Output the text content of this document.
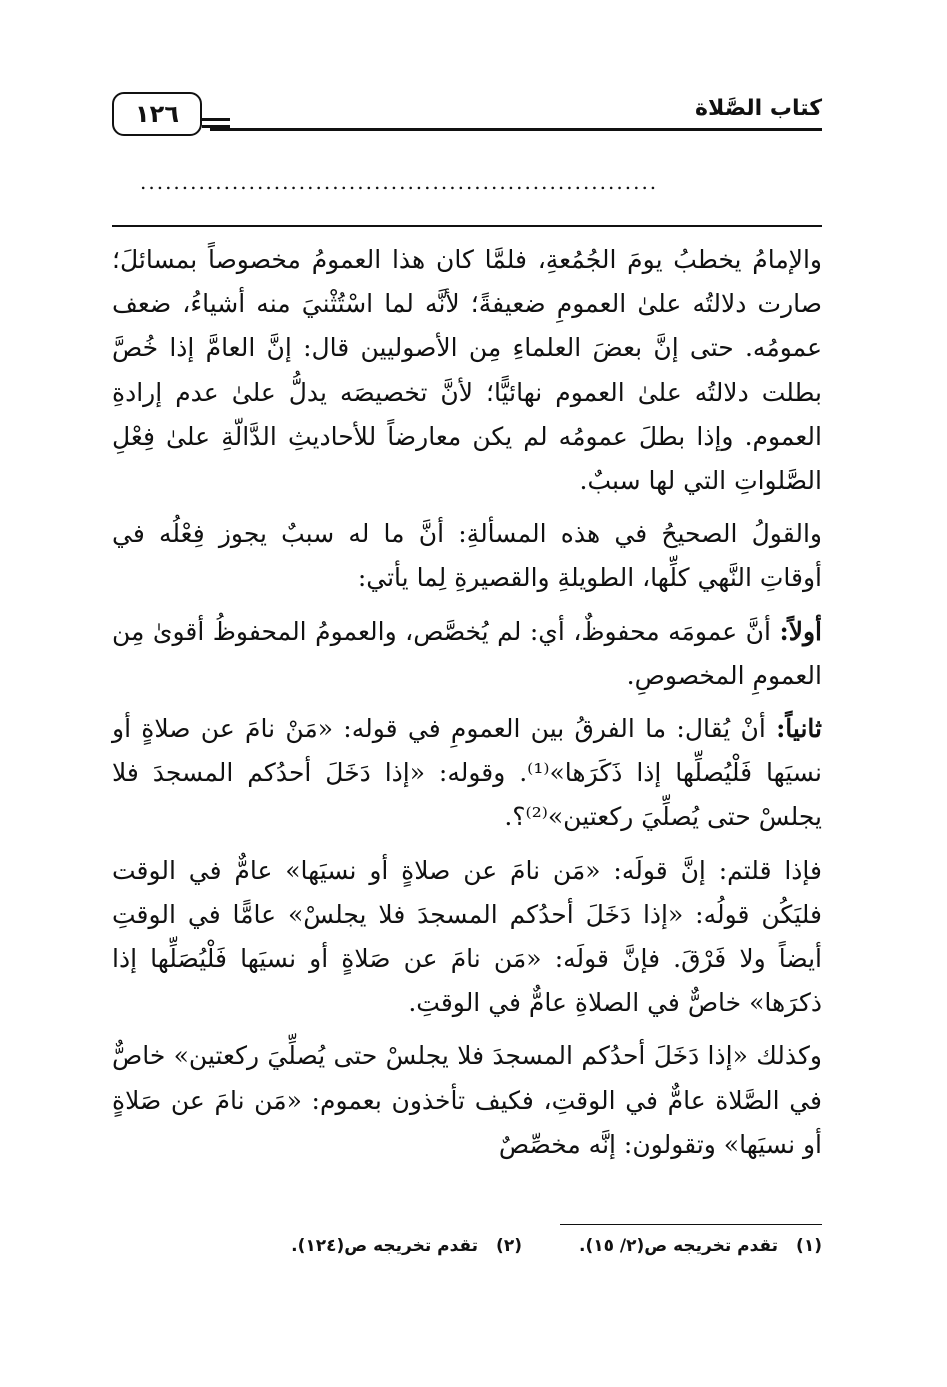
١٢٦	كتاب الصَّلاة
..............................................................

والإمامُ يخطبُ يومَ الجُمُعةِ، فلمَّا كان هذا العمومُ مخصوصاً بمسائلَ؛ صارت دلالتُه علىٰ العمومِ ضعيفةً؛ لأنَّه لما اسْتُثْنيَ منه أشياءُ، ضعف عمومُه. حتى إنَّ بعضَ العلماءِ مِن الأصوليين قال: إنَّ العامَّ إذا خُصَّ بطلت دلالتُه علىٰ العموم نهائيًّا؛ لأنَّ تخصيصَه يدلُّ علىٰ عدم إرادةِ العموم. وإذا بطلَ عمومُه لم يكن معارضاً للأحاديثِ الدَّالّةِ علىٰ فِعْلِ الصَّلواتِ التي لها سببٌ.

والقولُ الصحيحُ في هذه المسألةِ: أنَّ ما له سببٌ يجوز فِعْلُه في أوقاتِ النَّهي كلِّها، الطويلةِ والقصيرةِ لِما يأتي:

أولاً: أنَّ عمومَه محفوظٌ، أي: لم يُخصَّص، والعمومُ المحفوظُ أقوىٰ مِن العمومِ المخصوصِ.

ثانياً: أنْ يُقال: ما الفرقُ بين العمومِ في قوله: «مَنْ نامَ عن صلاةٍ أو نسيَها فَلْيُصلِّها إذا ذَكَرَها»⁽¹⁾. وقوله: «إذا دَخَلَ أحدُكم المسجدَ فلا يجلسْ حتى يُصلِّيَ ركعتين»⁽²⁾؟.

فإذا قلتم: إنَّ قولَه: «مَن نامَ عن صلاةٍ أو نسيَها» عامٌّ في الوقت فليَكُن قولُه: «إذا دَخَلَ أحدُكم المسجدَ فلا يجلسْ» عامًّا في الوقتِ أيضاً ولا فَرْقَ. فإنَّ قولَه: «مَن نامَ عن صَلاةٍ أو نسيَها فَلْيُصَلِّها إذا ذكرَها» خاصٌّ في الصلاةِ عامٌّ في الوقتِ.

وكذلك «إذا دَخَلَ أحدُكم المسجدَ فلا يجلسْ حتى يُصلِّيَ ركعتين» خاصٌّ في الصَّلاة عامٌّ في الوقتِ، فكيف تأخذون بعموم: «مَن نامَ عن صَلاةٍ أو نسيَها» وتقولون: إنَّه مخصِّصٌ

(١)تقدم تخريجه ص(٢/ ١٥).
(٢)تقدم تخريجه ص(١٢٤).
